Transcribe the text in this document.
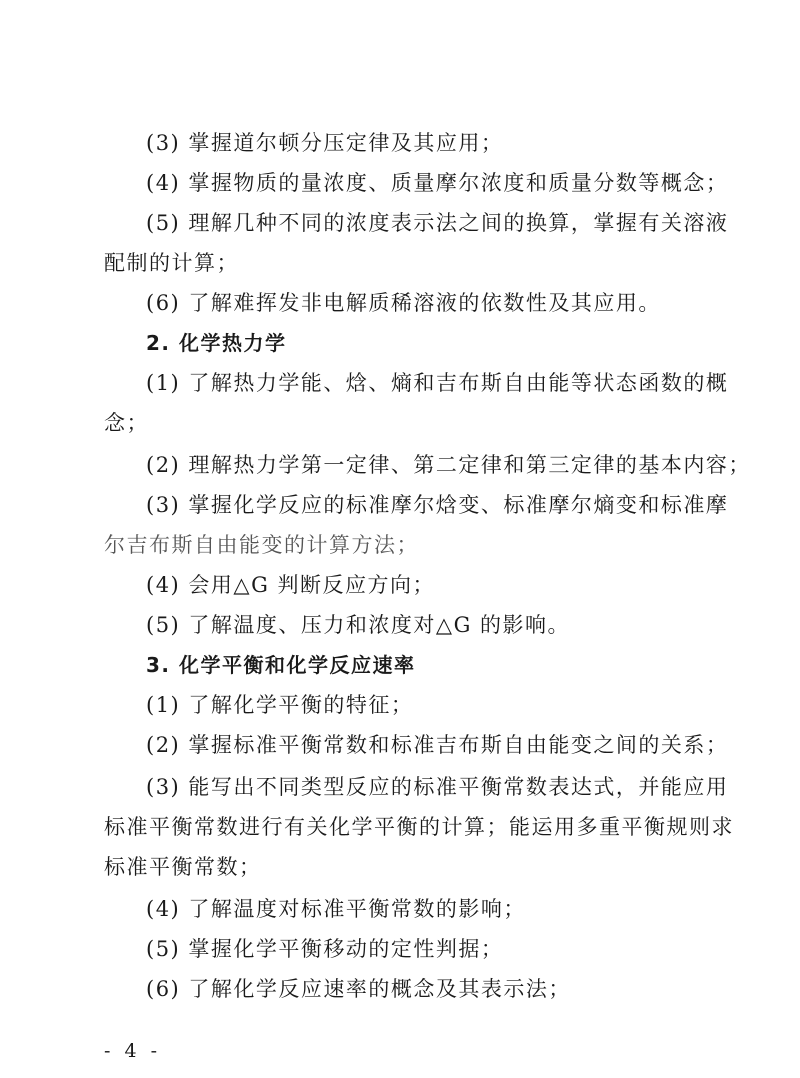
(3) 掌握道尔顿分压定律及其应用；
(4) 掌握物质的量浓度、质量摩尔浓度和质量分数等概念；
(5) 理解几种不同的浓度表示法之间的换算，掌握有关溶液
配制的计算；
(6) 了解难挥发非电解质稀溶液的依数性及其应用。
2. 化学热力学
(1) 了解热力学能、焓、熵和吉布斯自由能等状态函数的概
念；
(2) 理解热力学第一定律、第二定律和第三定律的基本内容；
(3) 掌握化学反应的标准摩尔焓变、标准摩尔熵变和标准摩
尔吉布斯自由能变的计算方法；
(4) 会用△G 判断反应方向；
(5) 了解温度、压力和浓度对△G 的影响。
3. 化学平衡和化学反应速率
(1) 了解化学平衡的特征；
(2) 掌握标准平衡常数和标准吉布斯自由能变之间的关系；
(3) 能写出不同类型反应的标准平衡常数表达式，并能应用
标准平衡常数进行有关化学平衡的计算；能运用多重平衡规则求
标准平衡常数；
(4) 了解温度对标准平衡常数的影响；
(5) 掌握化学平衡移动的定性判据；
(6) 了解化学反应速率的概念及其表示法；
- 4 -
